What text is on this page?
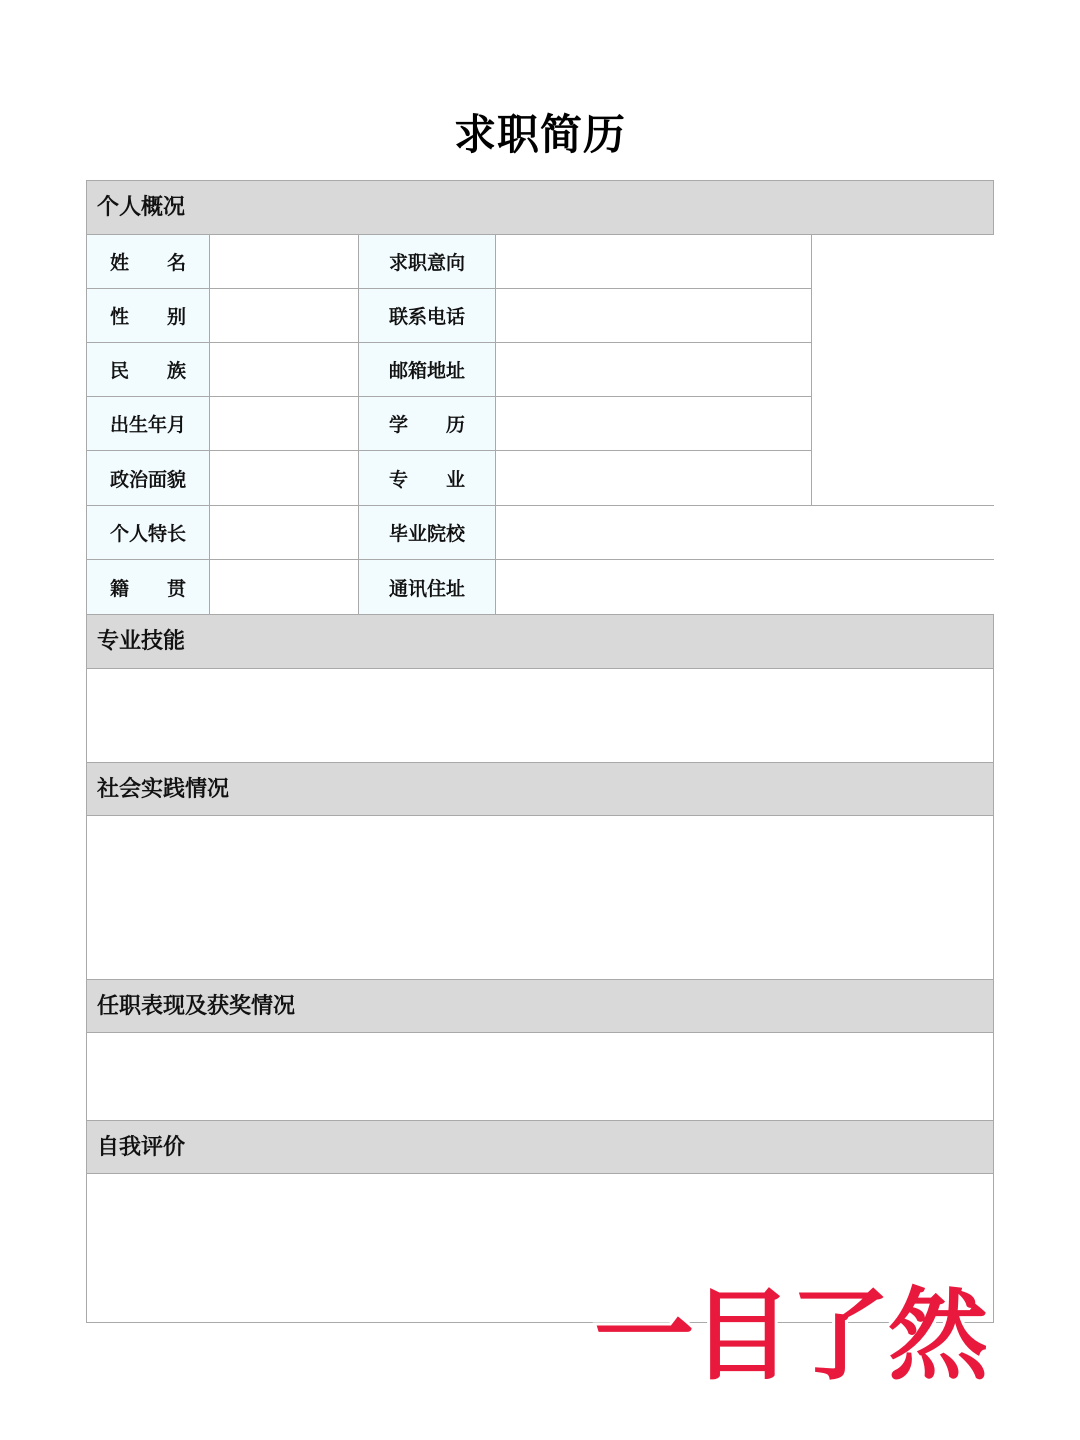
求职简历
个人概况
姓　　名	求职意向
性　　别	联系电话
民　　族	邮箱地址
出生年月	学　　历
政治面貌	专　　业
个人特长	毕业院校
籍　　贯	通讯住址
专业技能
社会实践情况
任职表现及获奖情况
自我评价
一目了然
